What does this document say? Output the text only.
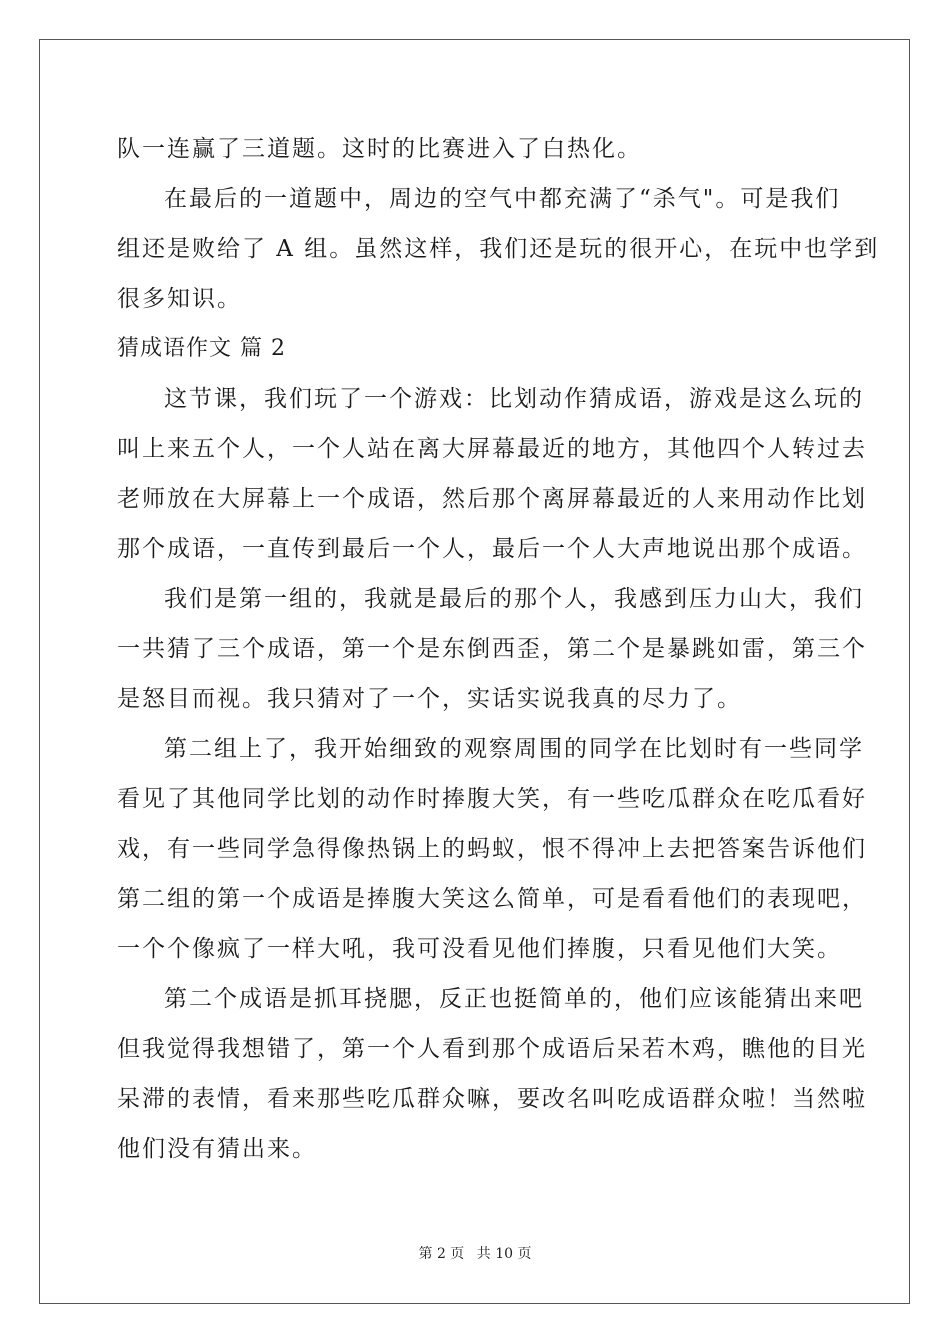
队一连赢了三道题。这时的比赛进入了白热化。
在最后的一道题中，周边的空气中都充满了“杀气"。可是我们
组还是败给了 A 组。虽然这样，我们还是玩的很开心，在玩中也学到
很多知识。
猜成语作文 篇 2
这节课，我们玩了一个游戏：比划动作猜成语，游戏是这么玩的
叫上来五个人，一个人站在离大屏幕最近的地方，其他四个人转过去
老师放在大屏幕上一个成语，然后那个离屏幕最近的人来用动作比划
那个成语，一直传到最后一个人，最后一个人大声地说出那个成语。
我们是第一组的，我就是最后的那个人，我感到压力山大，我们
一共猜了三个成语，第一个是东倒西歪，第二个是暴跳如雷，第三个
是怒目而视。我只猜对了一个，实话实说我真的尽力了。
第二组上了，我开始细致的观察周围的同学在比划时有一些同学
看见了其他同学比划的动作时捧腹大笑，有一些吃瓜群众在吃瓜看好
戏，有一些同学急得像热锅上的蚂蚁，恨不得冲上去把答案告诉他们
第二组的第一个成语是捧腹大笑这么简单，可是看看他们的表现吧，
一个个像疯了一样大吼，我可没看见他们捧腹，只看见他们大笑。
第二个成语是抓耳挠腮，反正也挺简单的，他们应该能猜出来吧
但我觉得我想错了，第一个人看到那个成语后呆若木鸡，瞧他的目光
呆滞的表情，看来那些吃瓜群众嘛，要改名叫吃成语群众啦！当然啦
他们没有猜出来。
第 2 页 共 10 页
